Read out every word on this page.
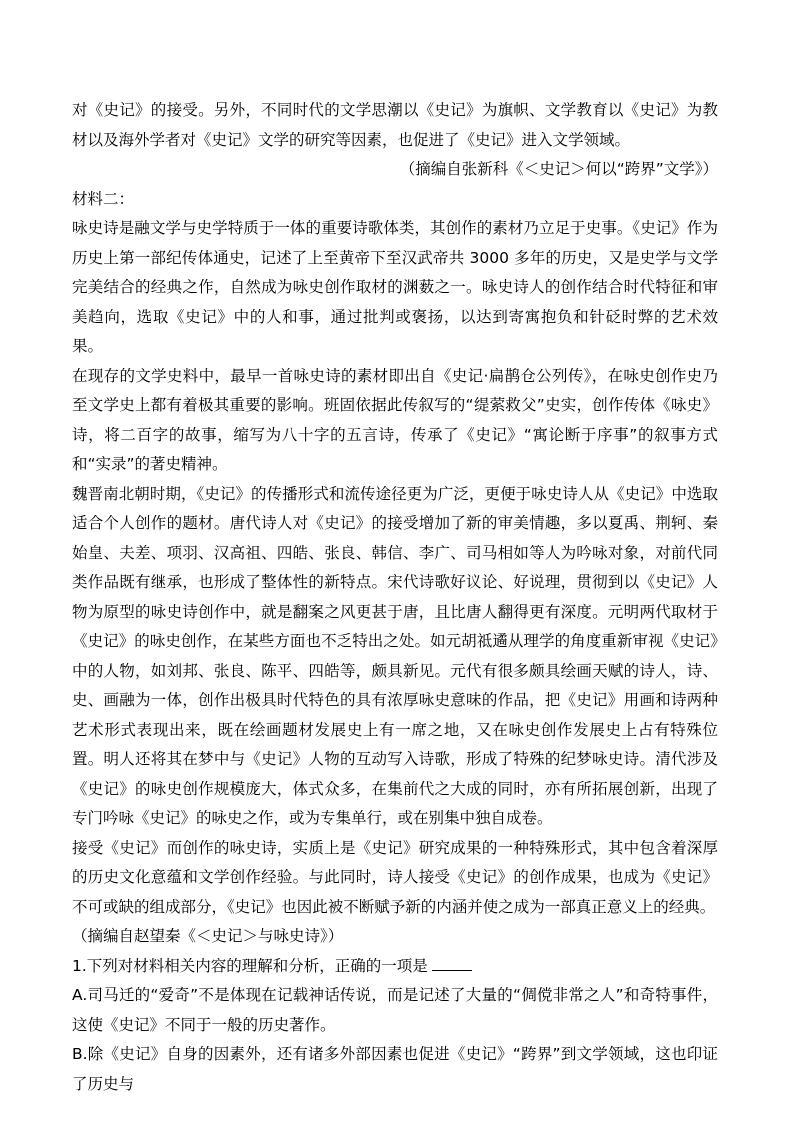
对《史记》的接受。另外，不同时代的文学思潮以《史记》为旗帜、文学教育以《史记》为教材以及海外学者对《史记》文学的研究等因素，也促进了《史记》进入文学领域。

（摘编自张新科《＜史记＞何以“跨界”文学》）

材料二：

咏史诗是融文学与史学特质于一体的重要诗歌体类，其创作的素材乃立足于史事。《史记》作为历史上第一部纪传体通史，记述了上至黄帝下至汉武帝共 3000 多年的历史，又是史学与文学完美结合的经典之作，自然成为咏史创作取材的渊薮之一。咏史诗人的创作结合时代特征和审美趋向，选取《史记》中的人和事，通过批判或褒扬，以达到寄寓抱负和针砭时弊的艺术效果。

在现存的文学史料中，最早一首咏史诗的素材即出自《史记·扁鹊仓公列传》，在咏史创作史乃至文学史上都有着极其重要的影响。班固依据此传叙写的“缇萦救父”史实，创作传体《咏史》诗，将二百字的故事，缩写为八十字的五言诗，传承了《史记》“寓论断于序事”的叙事方式和“实录”的著史精神。

魏晋南北朝时期，《史记》的传播形式和流传途径更为广泛，更便于咏史诗人从《史记》中选取适合个人创作的题材。唐代诗人对《史记》的接受增加了新的审美情趣，多以夏禹、荆轲、秦始皇、夫差、项羽、汉高祖、四皓、张良、韩信、李广、司马相如等人为吟咏对象，对前代同类作品既有继承，也形成了整体性的新特点。宋代诗歌好议论、好说理，贯彻到以《史记》人物为原型的咏史诗创作中，就是翻案之风更甚于唐，且比唐人翻得更有深度。元明两代取材于《史记》的咏史创作，在某些方面也不乏特出之处。如元胡祗遹从理学的角度重新审视《史记》中的人物，如刘邦、张良、陈平、四皓等，颇具新见。元代有很多颇具绘画天赋的诗人，诗、史、画融为一体，创作出极具时代特色的具有浓厚咏史意味的作品，把《史记》用画和诗两种艺术形式表现出来，既在绘画题材发展史上有一席之地，又在咏史创作发展史上占有特殊位置。明人还将其在梦中与《史记》人物的互动写入诗歌，形成了特殊的纪梦咏史诗。清代涉及《史记》的咏史创作规模庞大，体式众多，在集前代之大成的同时，亦有所拓展创新，出现了专门吟咏《史记》的咏史之作，或为专集单行，或在别集中独自成卷。

接受《史记》而创作的咏史诗，实质上是《史记》研究成果的一种特殊形式，其中包含着深厚的历史文化意蕴和文学创作经验。与此同时，诗人接受《史记》的创作成果，也成为《史记》不可或缺的组成部分，《史记》也因此被不断赋予新的内涵并使之成为一部真正意义上的经典。

（摘编自赵望秦《＜史记＞与咏史诗》）

1.下列对材料相关内容的理解和分析，正确的一项是

A.司马迁的“爱奇”不是体现在记载神话传说，而是记述了大量的“倜傥非常之人”和奇特事件，这使《史记》不同于一般的历史著作。

B.除《史记》自身的因素外，还有诸多外部因素也促进《史记》“跨界”到文学领域，这也印证了历史与
